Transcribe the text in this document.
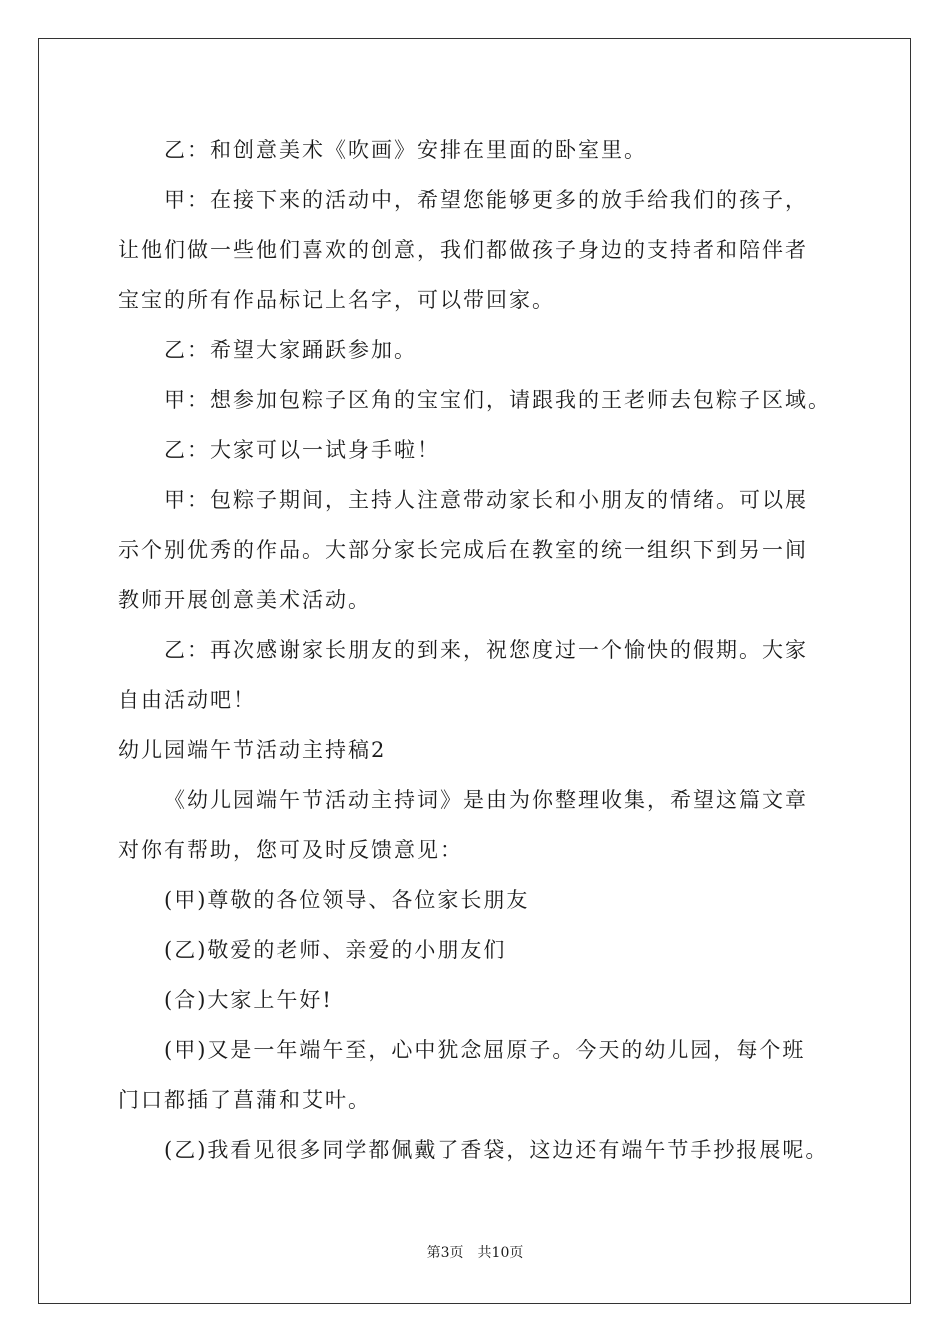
乙：和创意美术《吹画》安排在里面的卧室里。
甲：在接下来的活动中，希望您能够更多的放手给我们的孩子，
让他们做一些他们喜欢的创意，我们都做孩子身边的支持者和陪伴者
宝宝的所有作品标记上名字，可以带回家。
乙：希望大家踊跃参加。
甲：想参加包粽子区角的宝宝们，请跟我的王老师去包粽子区域。
乙：大家可以一试身手啦！
甲：包粽子期间，主持人注意带动家长和小朋友的情绪。可以展
示个别优秀的作品。大部分家长完成后在教室的统一组织下到另一间
教师开展创意美术活动。
乙：再次感谢家长朋友的到来，祝您度过一个愉快的假期。大家
自由活动吧！
幼儿园端午节活动主持稿2
《幼儿园端午节活动主持词》是由为你整理收集，希望这篇文章
对你有帮助，您可及时反馈意见：
(甲)尊敬的各位领导、各位家长朋友
(乙)敬爱的老师、亲爱的小朋友们
(合)大家上午好!
(甲)又是一年端午至，心中犹念屈原子。今天的幼儿园，每个班
门口都插了菖蒲和艾叶。
(乙)我看见很多同学都佩戴了香袋，这边还有端午节手抄报展呢。
第3页　共10页
